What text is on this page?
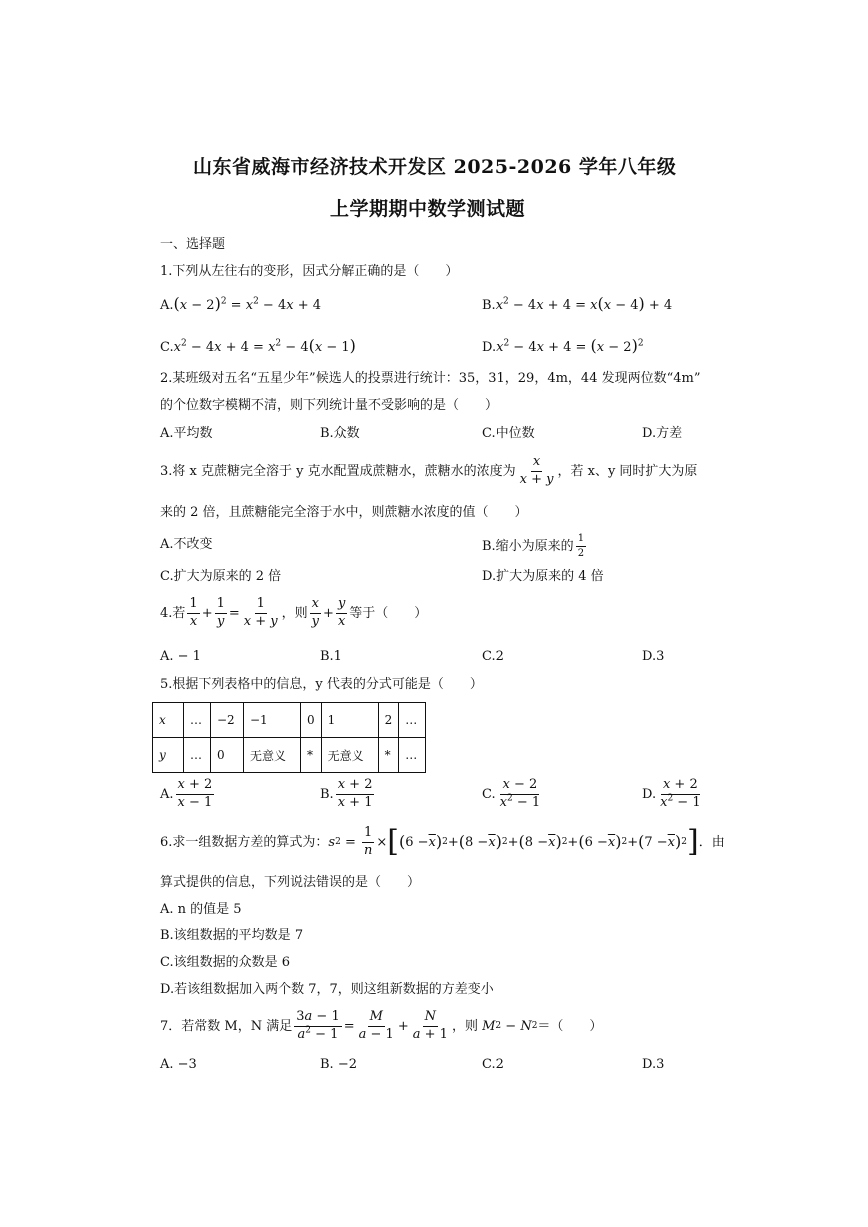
山东省威海市经济技术开发区 2025-2026 学年八年级
上学期期中数学测试题
一、选择题
1.下列从左往右的变形，因式分解正确的是（　　）
$A.(x - 2)^2 = x^2 - 4x + 4$	$B.x^2 - 4x + 4 = x(x - 4) + 4$
$C.x^2 - 4x + 4 = x^2 - 4(x - 1)$	$D.x^2 - 4x + 4 = (x - 2)^2$
2.某班级对五名“五星少年”候选人的投票进行统计：35，31，29，4m，44 发现两位数“4m”
的个位数字模糊不清，则下列统计量不受影响的是（　　）
A.平均数	B.众数	C.中位数	D.方差
3.将 x 克蔗糖完全溶于 y 克水配置成蔗糖水，蔗糖水的浓度为 $\frac{x}{x + y}$ ，若 x、y 同时扩大为原
来的 2 倍，且蔗糖能完全溶于水中，则蔗糖水浓度的值（　　）
A.不改变	B.缩小为原来的 $\frac{1}{2}$
C.扩大为原来的 2 倍	D.扩大为原来的 4 倍
4.若 $\frac{1}{x} + \frac{1}{y} = \frac{1}{x + y}$ ，则 $\frac{x}{y} + \frac{y}{x}$ 等于（　　）
A. − 1	B.1	C.2	D.3
5.根据下列表格中的信息，y 代表的分式可能是（　　）
x	…	−2	−1	0	1	2	…
y	…	0	无意义	*	无意义	*	…
A. $\frac{x + 2}{x - 1}$	B. $\frac{x + 2}{x + 1}$	C. $\frac{x - 2}{x^2 - 1}$	D. $\frac{x + 2}{x^2 - 1}$
6.求一组数据方差的算式为： s $2 = \frac{1}{n}$ × [ ( $6 - \overline{x}$ ) 2 + ( $8 - \overline{x}$ ) 2 + ( $8 - \overline{x}$ ) 2 + ( $6 - \overline{x}$ ) 2 + ( $7 - \overline{x}$ ) 2 ] ．由
算式提供的信息，下列说法错误的是（　　）
A. n 的值是 5
B.该组数据的平均数是 7
C.该组数据的众数是 6
D.若该组数据加入两个数 7，7，则这组新数据的方差变小
7．若常数 M，N 满足 $\frac{3a - 1}{a^2 - 1} = \frac{M}{a - 1} + \frac{N}{a + 1}$ ，则
M 2 − N 2 ＝（　　）
A. −3	B. −2	C.2	D.3
